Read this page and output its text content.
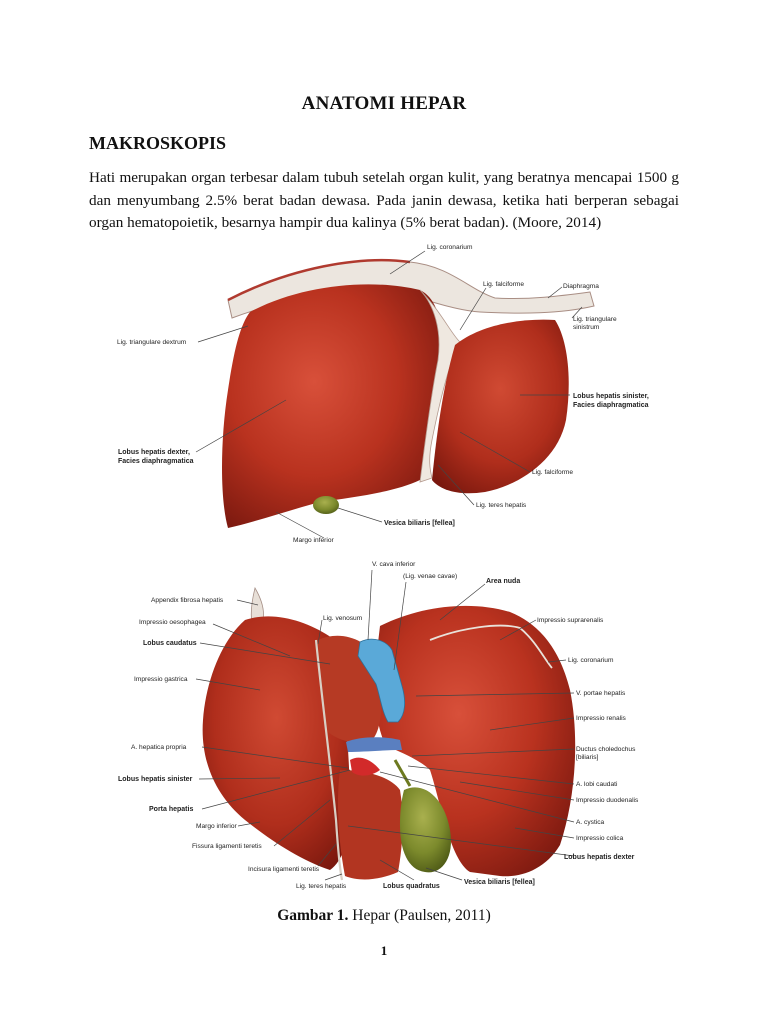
ANATOMI HEPAR
MAKROSKOPIS
Hati merupakan organ terbesar dalam tubuh setelah organ kulit, yang beratnya mencapai 1500 g dan menyumbang 2.5% berat badan dewasa. Pada janin dewasa, ketika hati berperan sebagai organ hematopoietik, besarnya hampir dua kalinya (5% berat badan). (Moore, 2014)
Lig. coronarium
Lig. falciforme	Diaphragma
Lig. triangulare
sinistrum
Lig. triangulare dextrum
Lobus hepatis sinister,
Facies diaphragmatica
Lobus hepatis dexter,
Facies diaphragmatica
Lig. falciforme
Lig. teres hepatis
Vesica biliaris [fellea]
Margo inferior
V. cava inferior
(Lig. venae cavae)
Area nuda
Appendix fibrosa hepatis
Impressio oesophagea
Lig. venosum	Impressio suprarenalis
Lobus caudatus
Lig. coronarium
Impressio gastrica
V. portae hepatis
Impressio renalis
A. hepatica propria	Ductus choledochus
[biliaris]
Lobus hepatis sinister
A. lobi caudati
Porta hepatis
Impressio duodenalis
Margo inferior
A. cystica
Fissura ligamenti teretis
Impressio colica
Lobus hepatis dexter
Incisura ligamenti teretis
Lig. teres hepatis	Lobus quadratus
Vesica biliaris [fellea]
Gambar 1. Hepar (Paulsen, 2011)
1
